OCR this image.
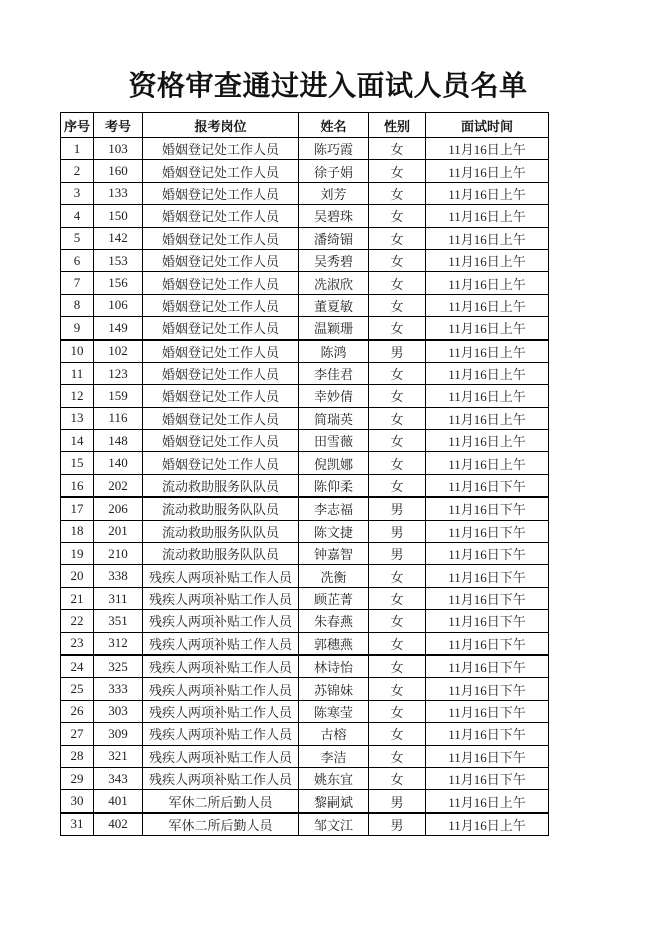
资格审查通过进入面试人员名单
序号	考号	报考岗位	姓名	性别	面试时间
1	103	婚姻登记处工作人员	陈巧霞	女	11月16日上午
2	160	婚姻登记处工作人员	徐子娟	女	11月16日上午
3	133	婚姻登记处工作人员	刘芳	女	11月16日上午
4	150	婚姻登记处工作人员	吴碧珠	女	11月16日上午
5	142	婚姻登记处工作人员	潘绮镅	女	11月16日上午
6	153	婚姻登记处工作人员	吴秀碧	女	11月16日上午
7	156	婚姻登记处工作人员	冼淑欣	女	11月16日上午
8	106	婚姻登记处工作人员	董夏敏	女	11月16日上午
9	149	婚姻登记处工作人员	温颖珊	女	11月16日上午
10	102	婚姻登记处工作人员	陈鸿	男	11月16日上午
11	123	婚姻登记处工作人员	李佳君	女	11月16日上午
12	159	婚姻登记处工作人员	幸妙倩	女	11月16日上午
13	116	婚姻登记处工作人员	简瑞英	女	11月16日上午
14	148	婚姻登记处工作人员	田雪薇	女	11月16日上午
15	140	婚姻登记处工作人员	倪凯娜	女	11月16日上午
16	202	流动救助服务队队员	陈仰柔	女	11月16日下午
17	206	流动救助服务队队员	李志福	男	11月16日下午
18	201	流动救助服务队队员	陈文捷	男	11月16日下午
19	210	流动救助服务队队员	钟嘉智	男	11月16日下午
20	338	残疾人两项补贴工作人员	冼衡	女	11月16日下午
21	311	残疾人两项补贴工作人员	顾芷菁	女	11月16日下午
22	351	残疾人两项补贴工作人员	朱春燕	女	11月16日下午
23	312	残疾人两项补贴工作人员	郭穗燕	女	11月16日下午
24	325	残疾人两项补贴工作人员	林诗怡	女	11月16日下午
25	333	残疾人两项补贴工作人员	苏锦妹	女	11月16日下午
26	303	残疾人两项补贴工作人员	陈寒莹	女	11月16日下午
27	309	残疾人两项补贴工作人员	古榕	女	11月16日下午
28	321	残疾人两项补贴工作人员	李洁	女	11月16日下午
29	343	残疾人两项补贴工作人员	姚东宜	女	11月16日下午
30	401	军休二所后勤人员	黎嗣斌	男	11月16日上午
31	402	军休二所后勤人员	邹文江	男	11月16日上午
